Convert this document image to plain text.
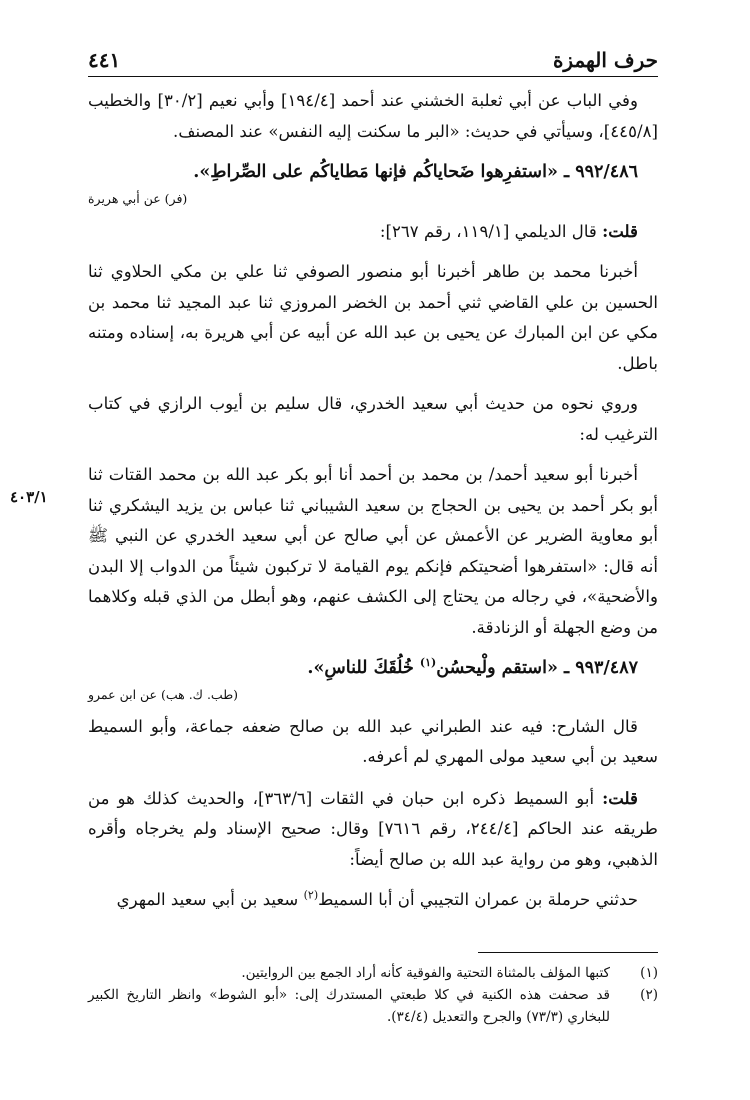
حرف الهمزة
٤٤١
٤٠٣/١

وفي الباب عن أبي ثعلبة الخشني عند أحمد [١٩٤/٤] وأبي نعيم [٣٠/٢] والخطيب [٤٤٥/٨]، وسيأتي في حديث: «البر ما سكنت إليه النفس» عند المصنف.

٩٩٢/٤٨٦ ـ «استفرِهوا ضَحاياكُم فإنها مَطاياكُم على الصِّراطِ».

(فر) عن أبي هريرة

قلت: قال الديلمي [١١٩/١، رقم ٢٦٧]:

أخبرنا محمد بن طاهر أخبرنا أبو منصور الصوفي ثنا علي بن مكي الحلاوي ثنا الحسين بن علي القاضي ثني أحمد بن الخضر المروزي ثنا عبد المجيد ثنا محمد بن مكي عن ابن المبارك عن يحيى بن عبد الله عن أبيه عن أبي هريرة به، إسناده ومتنه باطل.

وروي نحوه من حديث أبي سعيد الخدري، قال سليم بن أيوب الرازي في كتاب الترغيب له:

أخبرنا أبو سعيد أحمد/ بن محمد بن أحمد أنا أبو بكر عبد الله بن محمد القتات ثنا أبو بكر أحمد بن يحيى بن الحجاج بن سعيد الشيباني ثنا عباس بن يزيد اليشكري ثنا أبو معاوية الضرير عن الأعمش عن أبي صالح عن أبي سعيد الخدري عن النبي ﷺ أنه قال: «استفرهوا أضحيتكم فإنكم يوم القيامة لا تركبون شيئاً من الدواب إلا البدن والأضحية»، في رجاله من يحتاج إلى الكشف عنهم، وهو أبطل من الذي قبله وكلاهما من وضع الجهلة أو الزنادقة.

٩٩٣/٤٨٧ ـ «استقم ولْيحسُن$^{(١)}$ خُلُقَكَ للناسِ».

(طب. ك. هب) عن ابن عمرو

قال الشارح: فيه عند الطبراني عبد الله بن صالح ضعفه جماعة، وأبو السميط سعيد بن أبي سعيد مولى المهري لم أعرفه.

قلت: أبو السميط ذكره ابن حبان في الثقات [٣٦٣/٦]، والحديث كذلك هو من طريقه عند الحاكم [٢٤٤/٤، رقم ٧٦١٦] وقال: صحيح الإسناد ولم يخرجاه وأقره الذهبي، وهو من رواية عبد الله بن صالح أيضاً:

حدثني حرملة بن عمران التجيبي أن أبا السميط$^{(٢)}$ سعيد بن أبي سعيد المهري

(١)
كتبها المؤلف بالمثناة التحتية والفوقية كأنه أراد الجمع بين الروايتين.

(٢)
قد صحفت هذه الكنية في كلا طبعتي المستدرك إلى: «أبو الشوط» وانظر التاريخ الكبير للبخاري (٧٣/٣) والجرح والتعديل (٣٤/٤).
